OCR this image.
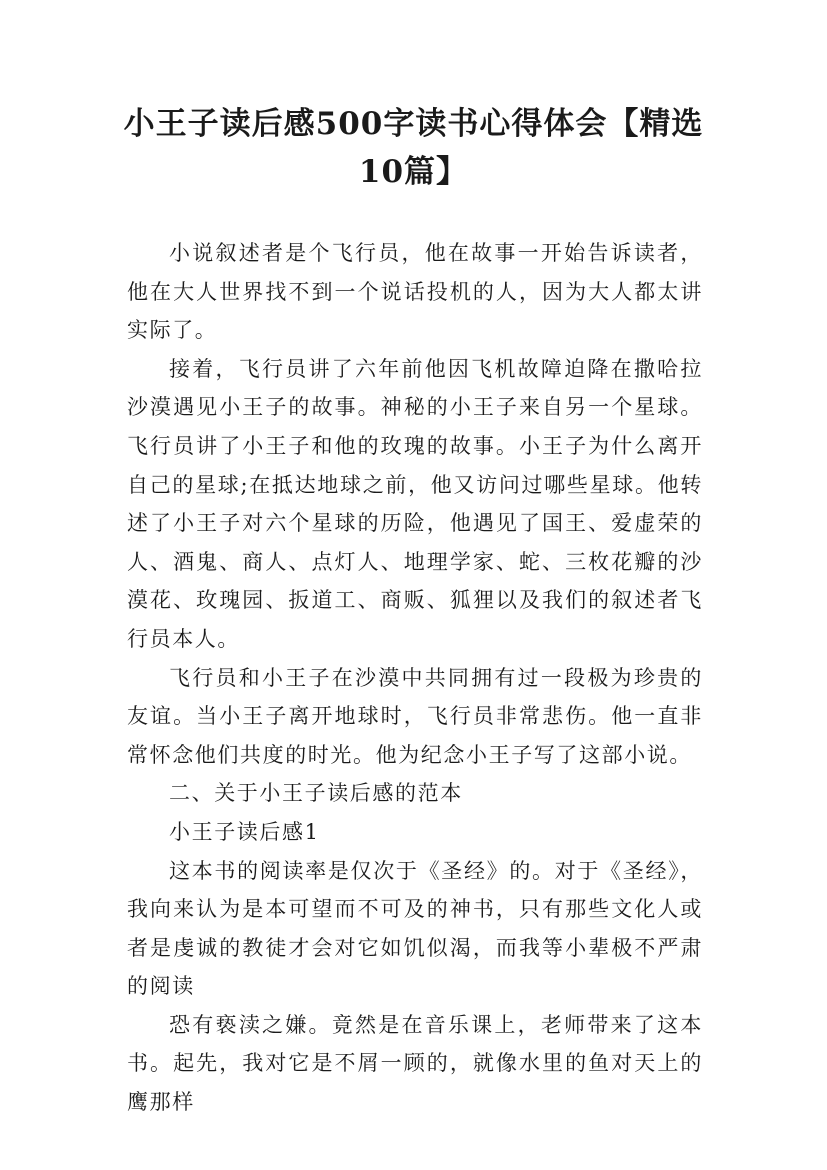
小王子读后感500字读书心得体会【精选10篇】

小说叙述者是个飞行员，他在故事一开始告诉读者，他在大人世界找不到一个说话投机的人，因为大人都太讲实际了。

接着，飞行员讲了六年前他因飞机故障迫降在撒哈拉沙漠遇见小王子的故事。神秘的小王子来自另一个星球。飞行员讲了小王子和他的玫瑰的故事。小王子为什么离开自己的星球;在抵达地球之前，他又访问过哪些星球。他转述了小王子对六个星球的历险，他遇见了国王、爱虚荣的人、酒鬼、商人、点灯人、地理学家、蛇、三枚花瓣的沙漠花、玫瑰园、扳道工、商贩、狐狸以及我们的叙述者飞行员本人。

飞行员和小王子在沙漠中共同拥有过一段极为珍贵的友谊。当小王子离开地球时，飞行员非常悲伤。他一直非常怀念他们共度的时光。他为纪念小王子写了这部小说。

二、关于小王子读后感的范本

小王子读后感1

这本书的阅读率是仅次于《圣经》的。对于《圣经》，我向来认为是本可望而不可及的神书，只有那些文化人或者是虔诚的教徒才会对它如饥似渴，而我等小辈极不严肃的阅读

恐有亵渎之嫌。竟然是在音乐课上，老师带来了这本书。起先，我对它是不屑一顾的，就像水里的鱼对天上的鹰那样
